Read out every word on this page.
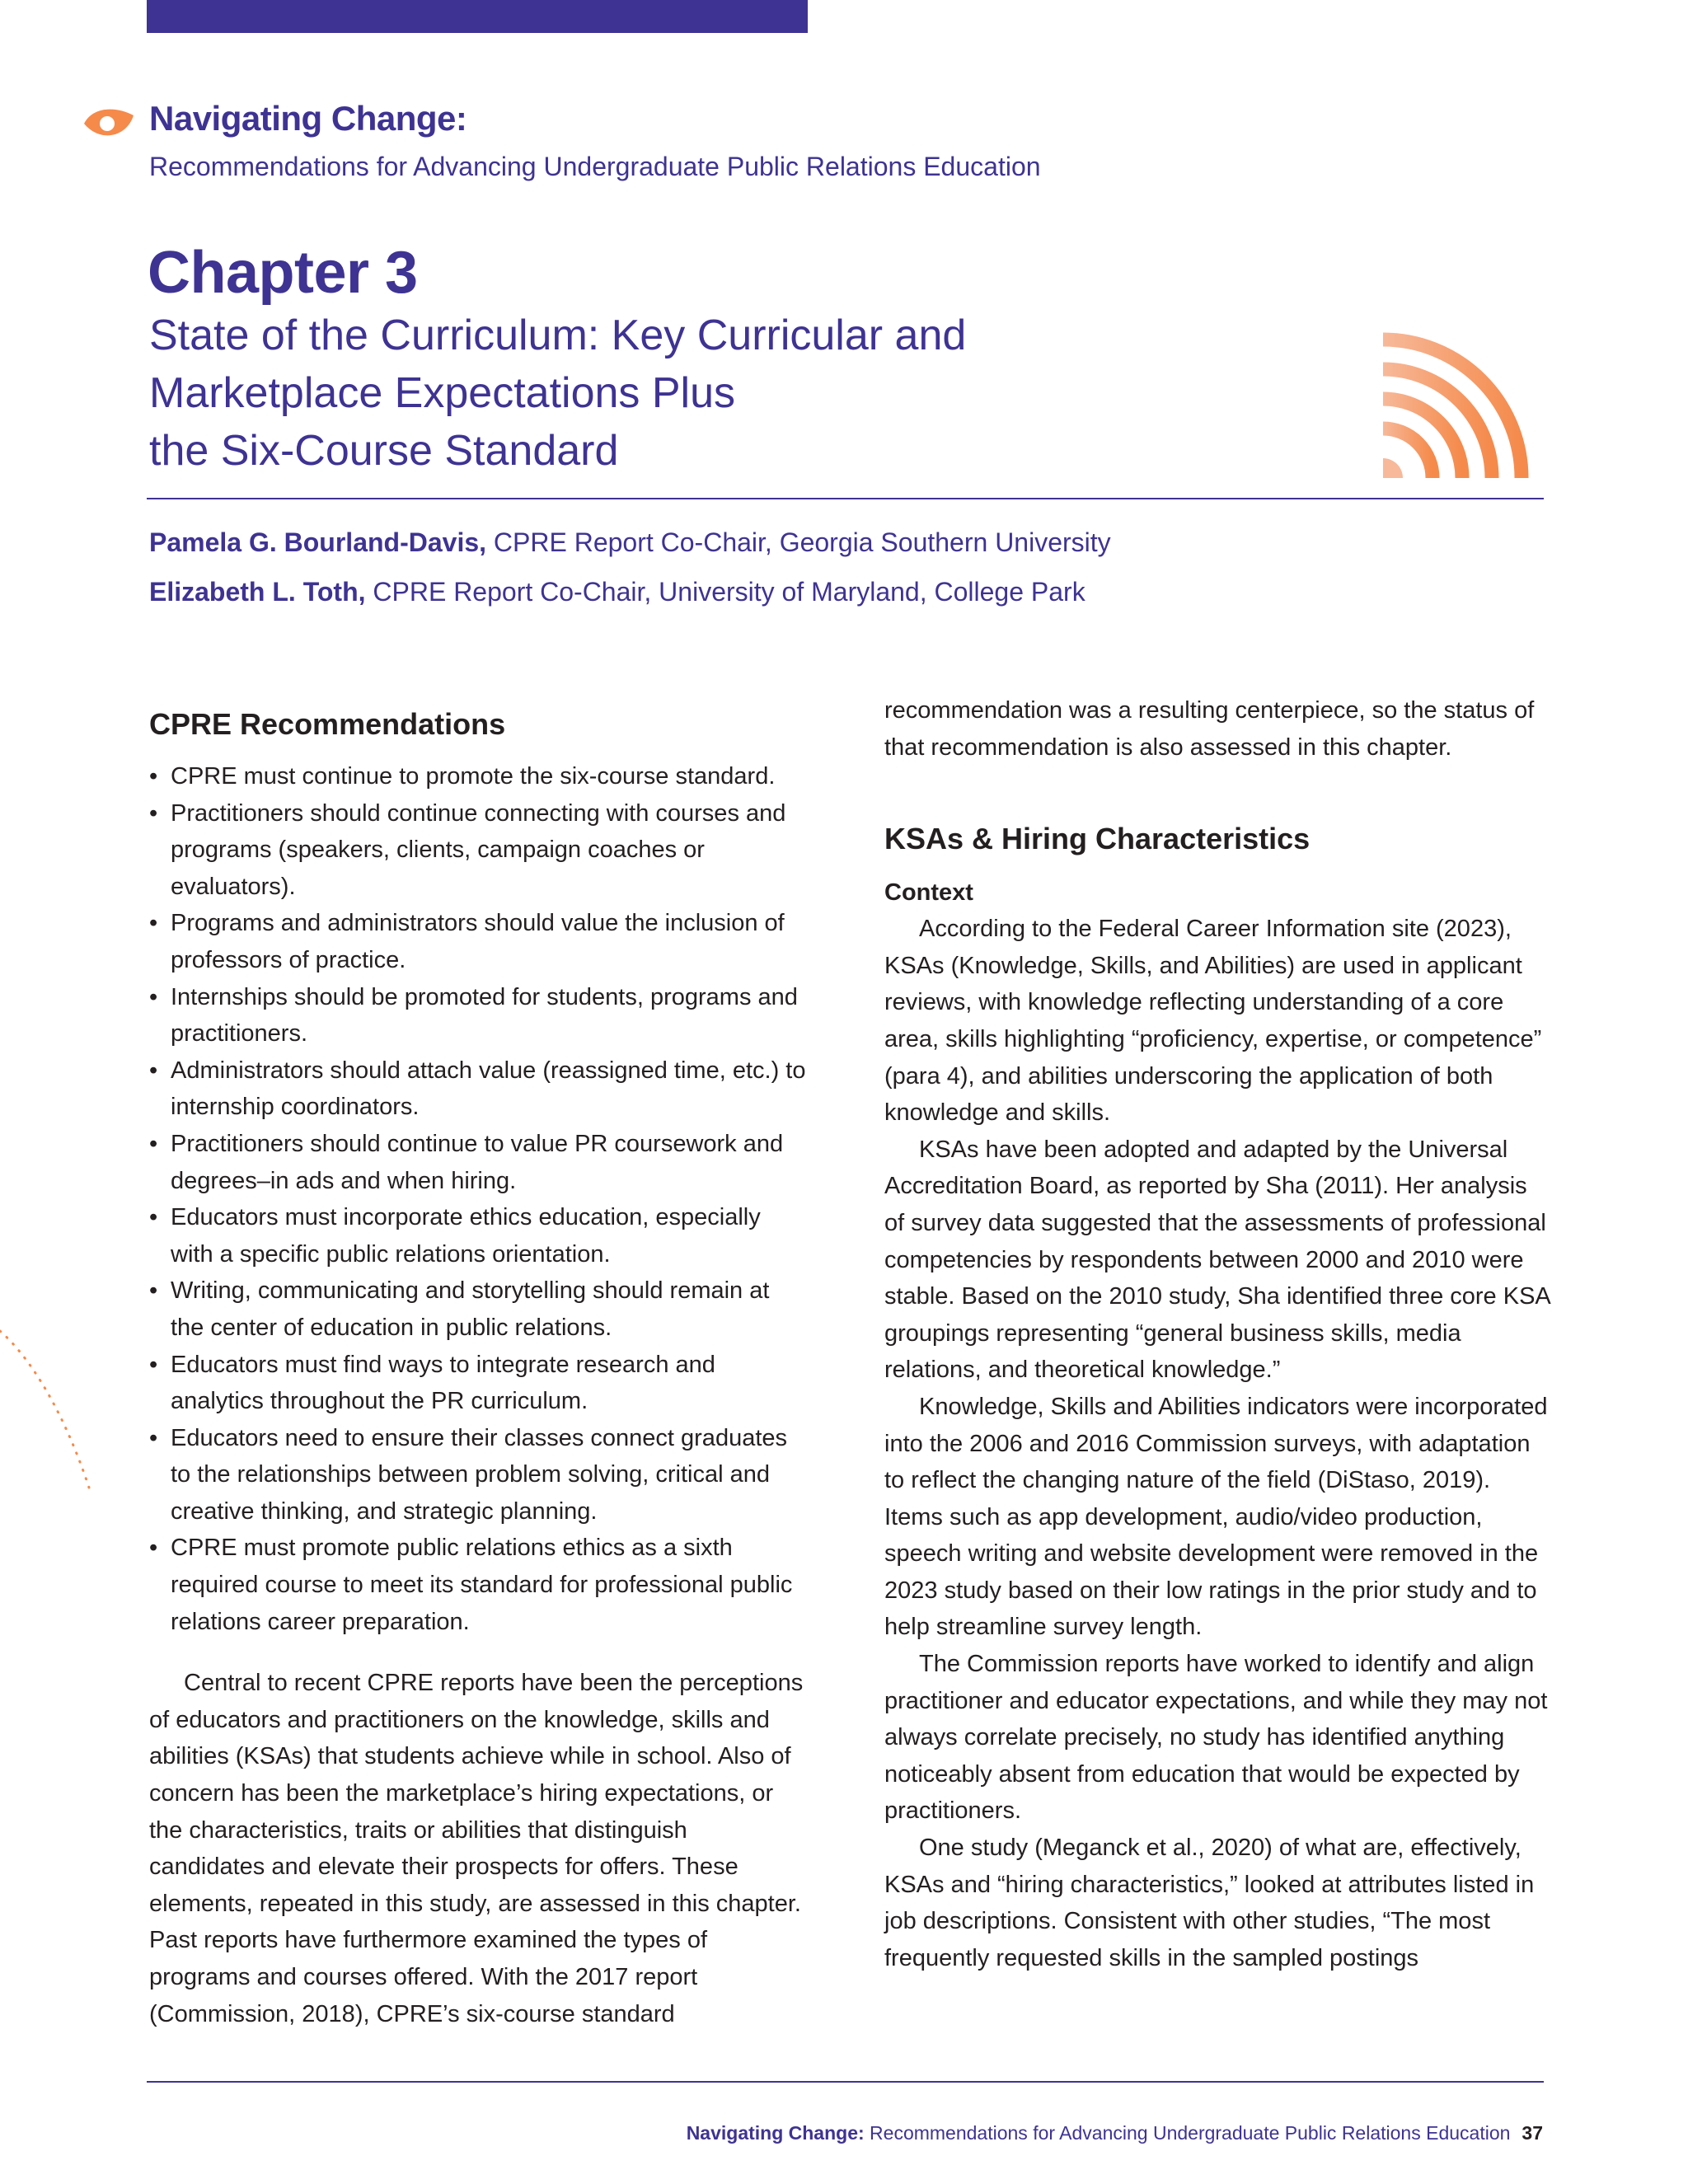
Navigating Change:
Recommendations for Advancing Undergraduate Public Relations Education
Chapter 3
State of the Curriculum: Key Curricular and
Marketplace Expectations Plus
the Six-Course Standard
Pamela G. Bourland-Davis, CPRE Report Co-Chair, Georgia Southern University
Elizabeth L. Toth, CPRE Report Co-Chair, University of Maryland, College Park
CPRE Recommendations
• CPRE must continue to promote the six-course standard.
• Practitioners should continue connecting with courses and programs (speakers, clients, campaign coaches or evaluators).
• Programs and administrators should value the inclusion of professors of practice.
• Internships should be promoted for students, programs and practitioners.
• Administrators should attach value (reassigned time, etc.) to internship coordinators.
• Practitioners should continue to value PR coursework and degrees–in ads and when hiring.
• Educators must incorporate ethics education, especially with a specific public relations orientation.
• Writing, communicating and storytelling should remain at the center of education in public relations.
• Educators must find ways to integrate research and analytics throughout the PR curriculum.
• Educators need to ensure their classes connect graduates to the relationships between problem solving, critical and creative thinking, and strategic planning.
• CPRE must promote public relations ethics as a sixth required course to meet its standard for professional public relations career preparation.

Central to recent CPRE reports have been the perceptions of educators and practitioners on the knowledge, skills and abilities (KSAs) that students achieve while in school. Also of concern has been the marketplace’s hiring expectations, or the characteristics, traits or abilities that distinguish candidates and elevate their prospects for offers. These elements, repeated in this study, are assessed in this chapter. Past reports have furthermore examined the types of programs and courses offered. With the 2017 report (Commission, 2018), CPRE’s six-course standard

recommendation was a resulting centerpiece, so the status of that recommendation is also assessed in this chapter.

KSAs & Hiring Characteristics

Context

According to the Federal Career Information site (2023), KSAs (Knowledge, Skills, and Abilities) are used in applicant reviews, with knowledge reflecting understanding of a core area, skills highlighting “proficiency, expertise, or competence” (para 4), and abilities underscoring the application of both knowledge and skills.

KSAs have been adopted and adapted by the Universal Accreditation Board, as reported by Sha (2011). Her analysis of survey data suggested that the assessments of professional competencies by respondents between 2000 and 2010 were stable. Based on the 2010 study, Sha identified three core KSA groupings representing “general business skills, media relations, and theoretical knowledge.”

Knowledge, Skills and Abilities indicators were incorporated into the 2006 and 2016 Commission surveys, with adaptation to reflect the changing nature of the field (DiStaso, 2019). Items such as app development, audio/video production, speech writing and website development were removed in the 2023 study based on their low ratings in the prior study and to help streamline survey length.

The Commission reports have worked to identify and align practitioner and educator expectations, and while they may not always correlate precisely, no study has identified anything noticeably absent from education that would be expected by practitioners.

One study (Meganck et al., 2020) of what are, effectively, KSAs and “hiring characteristics,” looked at attributes listed in job descriptions. Consistent with other studies, “The most frequently requested skills in the sampled postings

Navigating Change: Recommendations for Advancing Undergraduate Public Relations Education 37
